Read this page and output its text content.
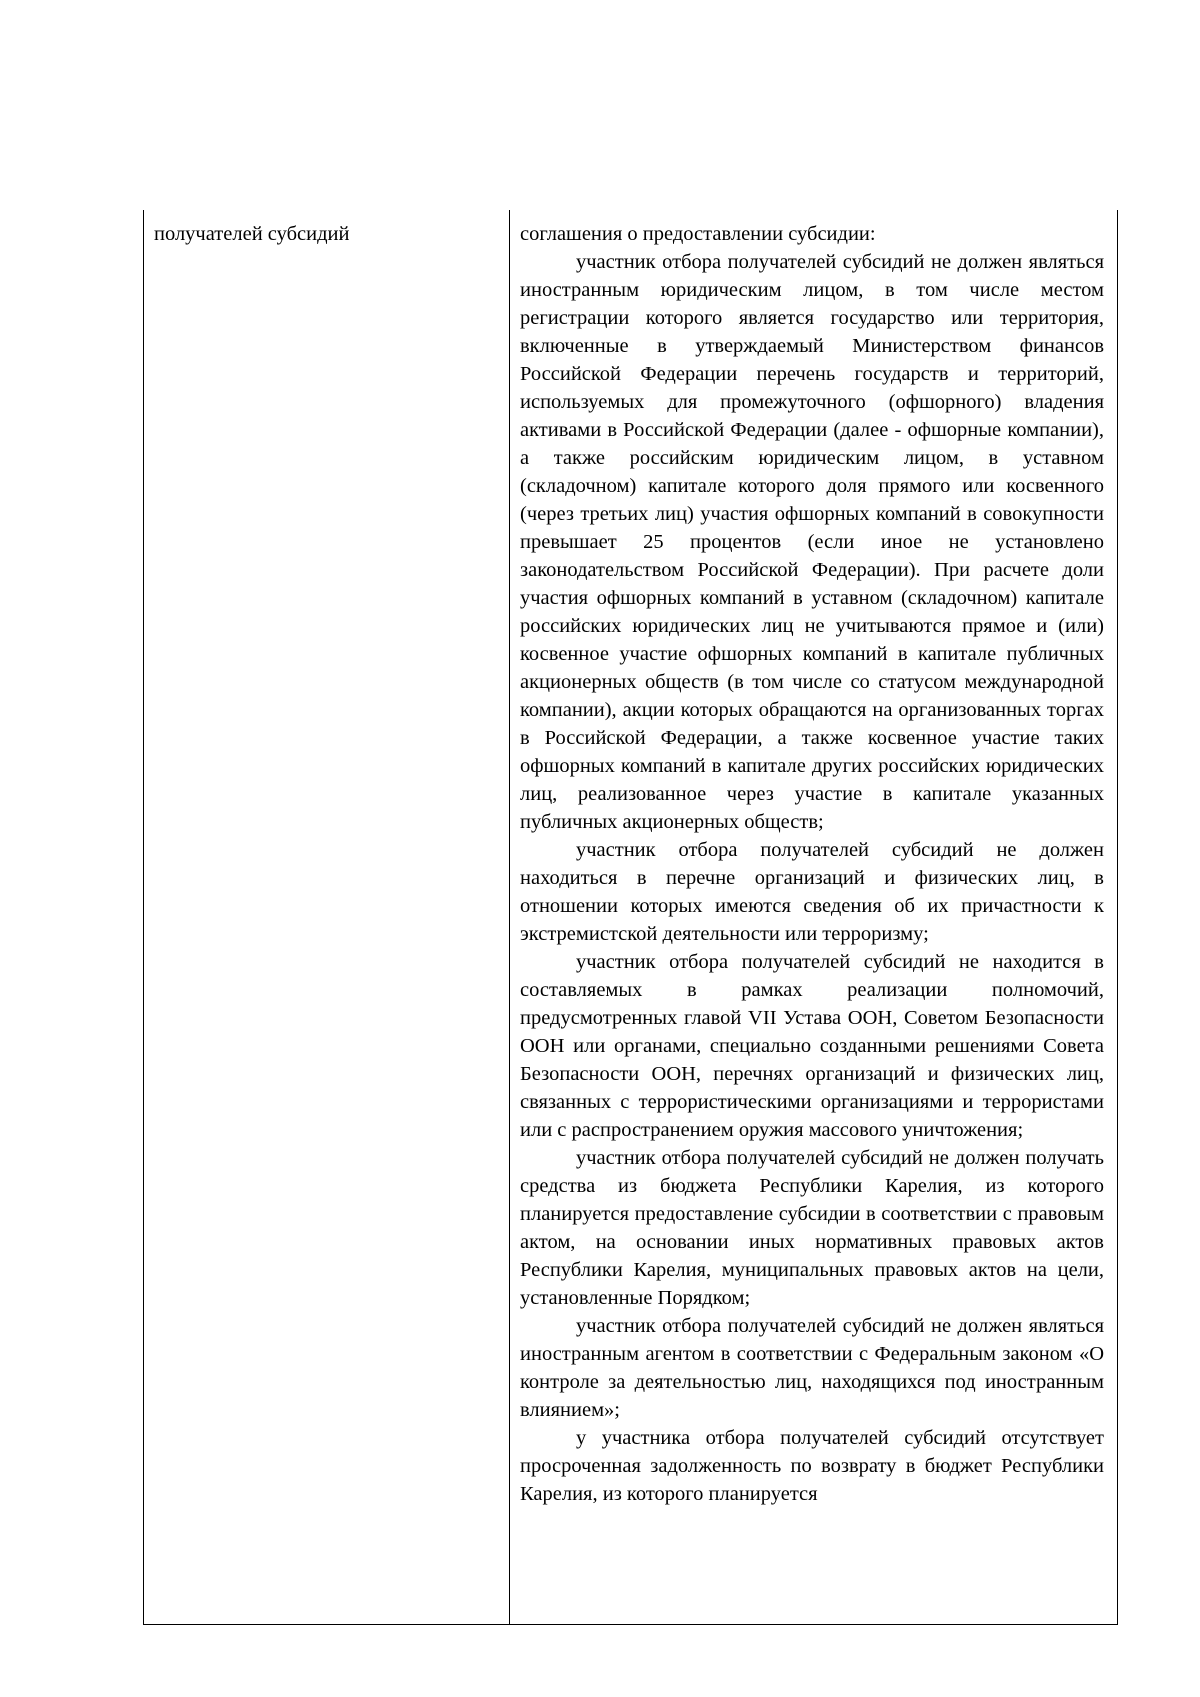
получателей субсидий	соглашения о предоставлении субсидии:

участник отбора получателей субсидий не должен являться иностранным юридическим лицом, в том числе местом регистрации которого является государство или территория, включенные в утверждаемый Министерством финансов Российской Федерации перечень государств и территорий, используемых для промежуточного (офшорного) владения активами в Российской Федерации (далее - офшорные компании), а также российским юридическим лицом, в уставном (складочном) капитале которого доля прямого или косвенного (через третьих лиц) участия офшорных компаний в совокупности превышает 25 процентов (если иное не установлено законодательством Российской Федерации). При расчете доли участия офшорных компаний в уставном (складочном) капитале российских юридических лиц не учитываются прямое и (или) косвенное участие офшорных компаний в капитале публичных акционерных обществ (в том числе со статусом международной компании), акции которых обращаются на организованных торгах в Российской Федерации, а также косвенное участие таких офшорных компаний в капитале других российских юридических лиц, реализованное через участие в капитале указанных публичных акционерных обществ;

участник отбора получателей субсидий не должен находиться в перечне организаций и физических лиц, в отношении которых имеются сведения об их причастности к экстремистской деятельности или терроризму;

участник отбора получателей субсидий не находится в составляемых в рамках реализации полномочий, предусмотренных главой VII Устава ООН, Советом Безопасности ООН или органами, специально созданными решениями Совета Безопасности ООН, перечнях организаций и физических лиц, связанных с террористическими организациями и террористами или с распространением оружия массового уничтожения;

участник отбора получателей субсидий не должен получать средства из бюджета Республики Карелия, из которого планируется предоставление субсидии в соответствии с правовым актом, на основании иных нормативных правовых актов Республики Карелия, муниципальных правовых актов на цели, установленные Порядком;

участник отбора получателей субсидий не должен являться иностранным агентом в соответствии с Федеральным законом «О контроле за деятельностью лиц, находящихся под иностранным влиянием»;

у участника отбора получателей субсидий отсутствует просроченная задолженность по возврату в бюджет Республики Карелия, из которого планируется
